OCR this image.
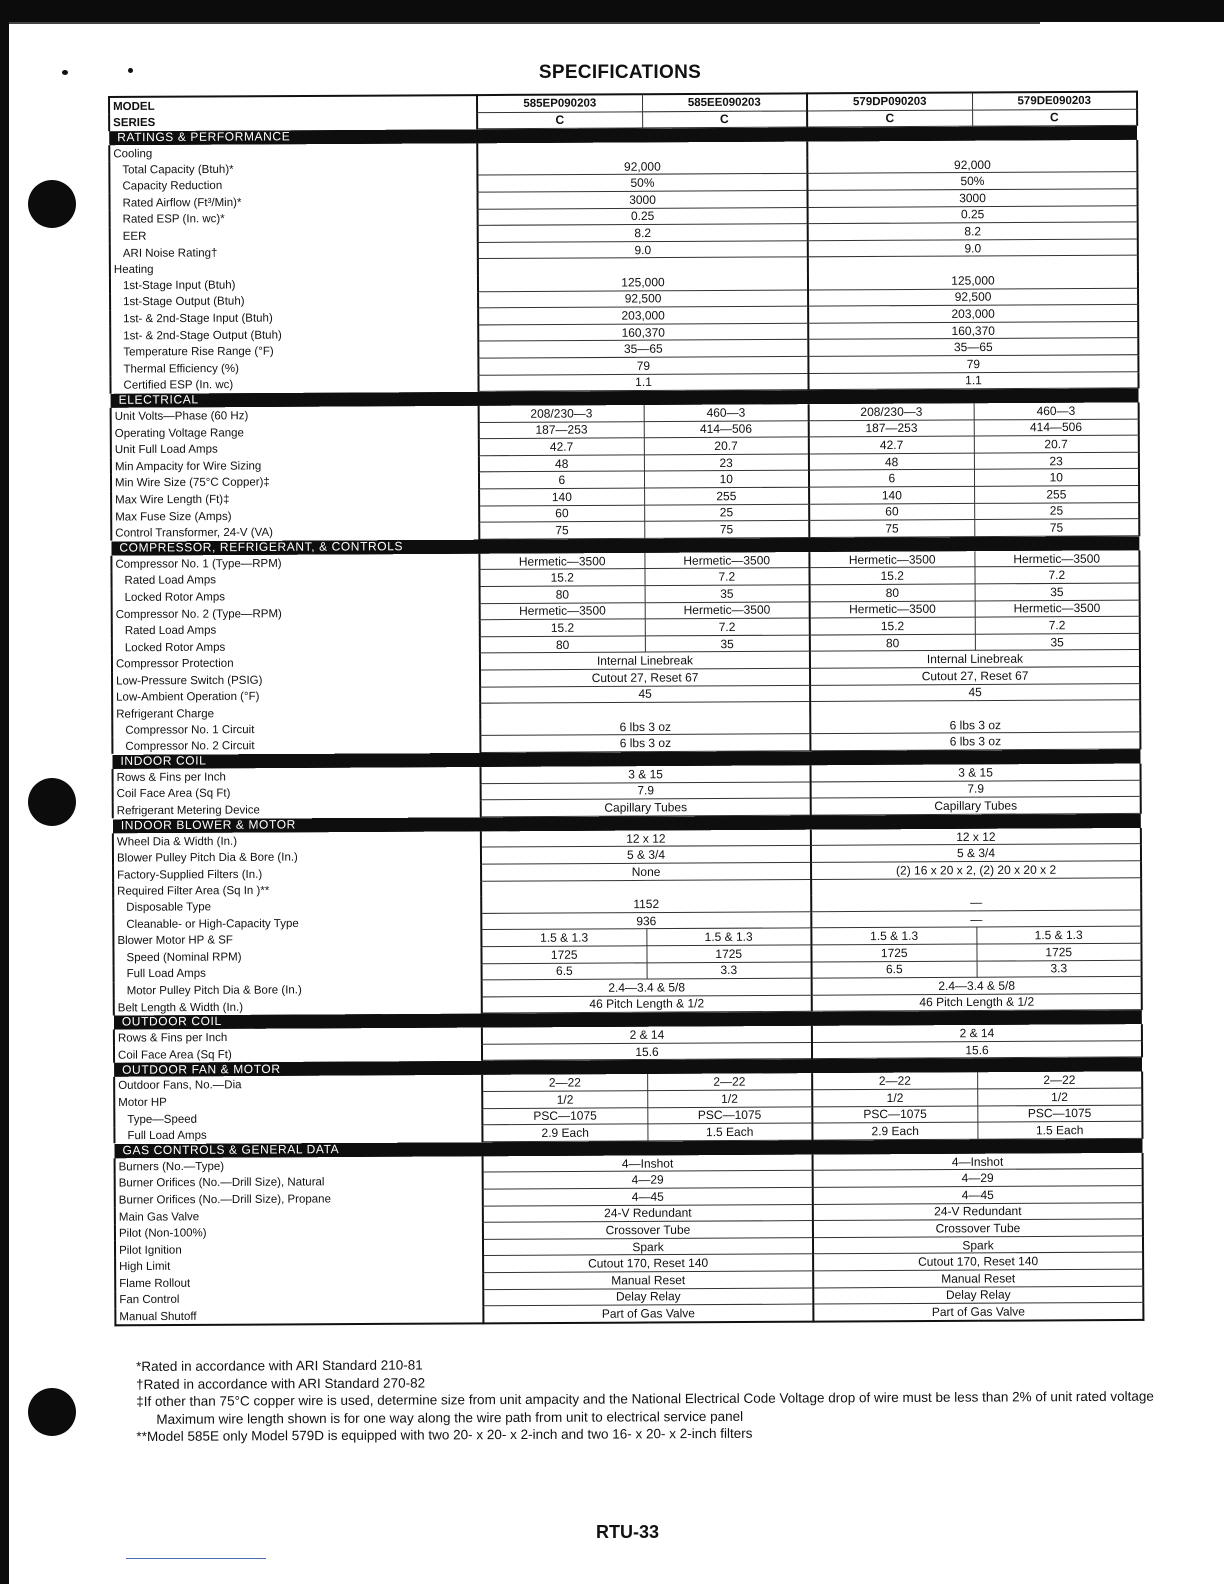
SPECIFICATIONS
MODEL	585EP090203	585EE090203	579DP090203	579DE090203
SERIES	C	C	C	C
RATINGS & PERFORMANCE				
Cooling				
Total Capacity (Btuh)*	92,000		92,000	
Capacity Reduction	50%		50%	
Rated Airflow (Ft³/Min)*	3000		3000	
Rated ESP (In. wc)*	0.25		0.25	
EER	8.2		8.2	
ARI Noise Rating†	9.0		9.0	
Heating				
1st-Stage Input (Btuh)	125,000		125,000	
1st-Stage Output (Btuh)	92,500		92,500	
1st- & 2nd-Stage Input (Btuh)	203,000		203,000	
1st- & 2nd-Stage Output (Btuh)	160,370		160,370	
Temperature Rise Range (°F)	35—65		35—65	
Thermal Efficiency (%)	79		79	
Certified ESP (In. wc)	1.1		1.1	
ELECTRICAL				
Unit Volts—Phase (60 Hz)	208/230—3	460—3	208/230—3	460—3
Operating Voltage Range	187—253	414—506	187—253	414—506
Unit Full Load Amps	42.7	20.7	42.7	20.7
Min Ampacity for Wire Sizing	48	23	48	23
Min Wire Size (75°C Copper)‡	6	10	6	10
Max Wire Length (Ft)‡	140	255	140	255
Max Fuse Size (Amps)	60	25	60	25
Control Transformer, 24-V (VA)	75	75	75	75
COMPRESSOR, REFRIGERANT, & CONTROLS				
Compressor No. 1 (Type—RPM)	Hermetic—3500	Hermetic—3500	Hermetic—3500	Hermetic—3500
Rated Load Amps	15.2	7.2	15.2	7.2
Locked Rotor Amps	80	35	80	35
Compressor No. 2 (Type—RPM)	Hermetic—3500	Hermetic—3500	Hermetic—3500	Hermetic—3500
Rated Load Amps	15.2	7.2	15.2	7.2
Locked Rotor Amps	80	35	80	35
Compressor Protection	Internal Linebreak		Internal Linebreak	
Low-Pressure Switch (PSIG)	Cutout 27, Reset 67		Cutout 27, Reset 67	
Low-Ambient Operation (°F)	45		45	
Refrigerant Charge				
Compressor No. 1 Circuit	6 lbs 3 oz		6 lbs 3 oz	
Compressor No. 2 Circuit	6 lbs 3 oz		6 lbs 3 oz	
INDOOR COIL				
Rows & Fins per Inch	3 & 15		3 & 15	
Coil Face Area (Sq Ft)	7.9		7.9	
Refrigerant Metering Device	Capillary Tubes		Capillary Tubes	
INDOOR BLOWER & MOTOR				
Wheel Dia & Width (In.)	12 x 12		12 x 12	
Blower Pulley Pitch Dia & Bore (In.)	5 & 3/4		5 & 3/4	
Factory-Supplied Filters (In.)	None		(2) 16 x 20 x 2, (2) 20 x 20 x 2	
Required Filter Area (Sq In )**				
Disposable Type	1152		—	
Cleanable- or High-Capacity Type	936		—	
Blower Motor HP & SF	1.5 & 1.3	1.5 & 1.3	1.5 & 1.3	1.5 & 1.3
Speed (Nominal RPM)	1725	1725	1725	1725
Full Load Amps	6.5	3.3	6.5	3.3
Motor Pulley Pitch Dia & Bore (In.)	2.4—3.4 & 5/8		2.4—3.4 & 5/8	
Belt Length & Width (In.)	46 Pitch Length & 1/2		46 Pitch Length & 1/2	
OUTDOOR COIL				
Rows & Fins per Inch	2 & 14		2 & 14	
Coil Face Area (Sq Ft)	15.6		15.6	
OUTDOOR FAN & MOTOR				
Outdoor Fans, No.—Dia	2—22	2—22	2—22	2—22
Motor HP	1/2	1/2	1/2	1/2
Type—Speed	PSC—1075	PSC—1075	PSC—1075	PSC—1075
Full Load Amps	2.9 Each	1.5 Each	2.9 Each	1.5 Each
GAS CONTROLS & GENERAL DATA				
Burners (No.—Type)	4—Inshot		4—Inshot	
Burner Orifices (No.—Drill Size), Natural	4—29		4—29	
Burner Orifices (No.—Drill Size), Propane	4—45		4—45	
Main Gas Valve	24-V Redundant		24-V Redundant	
Pilot (Non-100%)	Crossover Tube		Crossover Tube	
Pilot Ignition	Spark		Spark	
High Limit	Cutout 170, Reset 140		Cutout 170, Reset 140	
Flame Rollout	Manual Reset		Manual Reset	
Fan Control	Delay Relay		Delay Relay	
Manual Shutoff	Part of Gas Valve		Part of Gas Valve	
*Rated in accordance with ARI Standard 210-81
†Rated in accordance with ARI Standard 270-82
‡If other than 75°C copper wire is used, determine size from unit ampacity and the National Electrical Code Voltage drop of wire must be less than 2% of unit rated voltage Maximum wire length shown is for one way along the wire path from unit to electrical service panel
**Model 585E only Model 579D is equipped with two 20- x 20- x 2-inch and two 16- x 20- x 2-inch filters
RTU-33
